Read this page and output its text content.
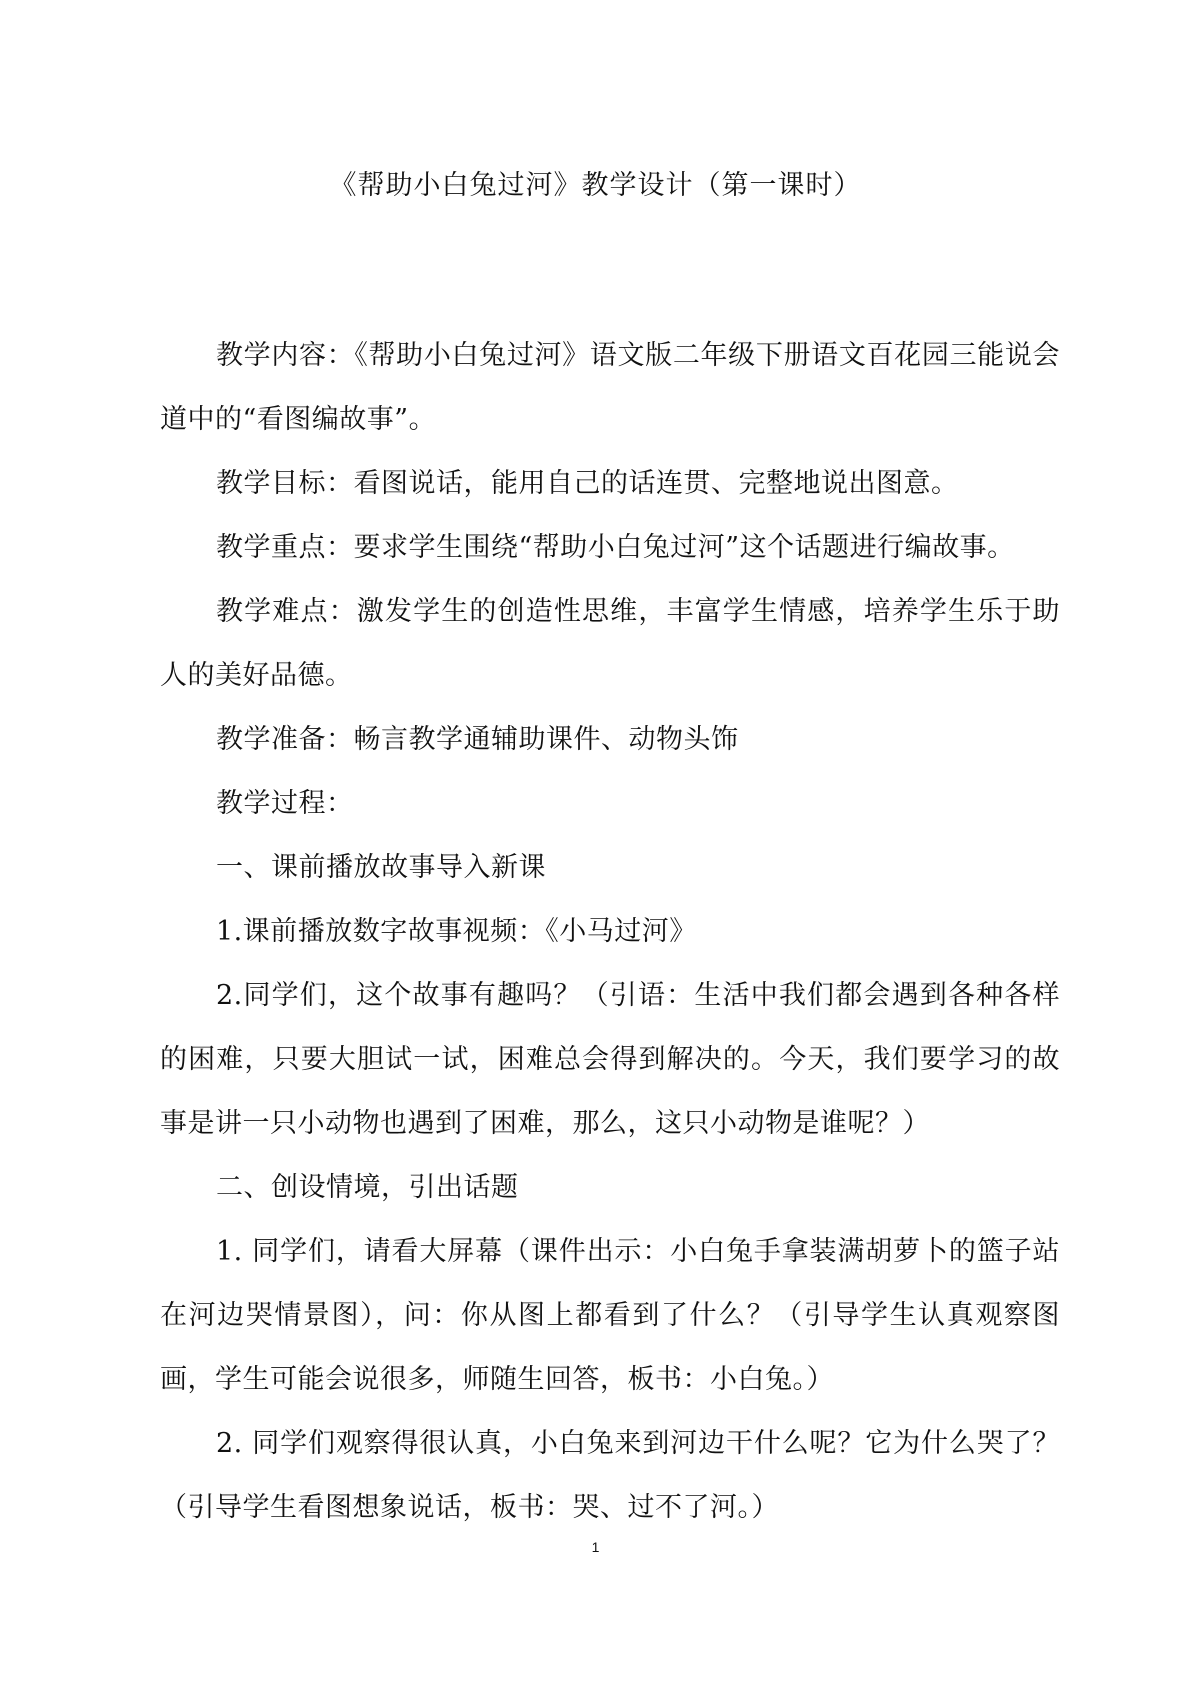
《帮助小白兔过河》教学设计（第一课时）

教学内容：《帮助小白兔过河》语文版二年级下册语文百花园三能说会道中的“看图编故事”。

教学目标：看图说话，能用自己的话连贯、完整地说出图意。

教学重点：要求学生围绕“帮助小白兔过河”这个话题进行编故事。

教学难点：激发学生的创造性思维，丰富学生情感，培养学生乐于助人的美好品德。

教学准备：畅言教学通辅助课件、动物头饰

教学过程：

一、课前播放故事导入新课

1.课前播放数字故事视频：《小马过河》

2.同学们，这个故事有趣吗？（引语：生活中我们都会遇到各种各样的困难，只要大胆试一试，困难总会得到解决的。今天，我们要学习的故事是讲一只小动物也遇到了困难，那么，这只小动物是谁呢？）

二、创设情境，引出话题

1. 同学们，请看大屏幕（课件出示：小白兔手拿装满胡萝卜的篮子站在河边哭情景图），问：你从图上都看到了什么？（引导学生认真观察图画，学生可能会说很多，师随生回答，板书：小白兔。）

2. 同学们观察得很认真，小白兔来到河边干什么呢？它为什么哭了？（引导学生看图想象说话，板书：哭、过不了河。）

1
